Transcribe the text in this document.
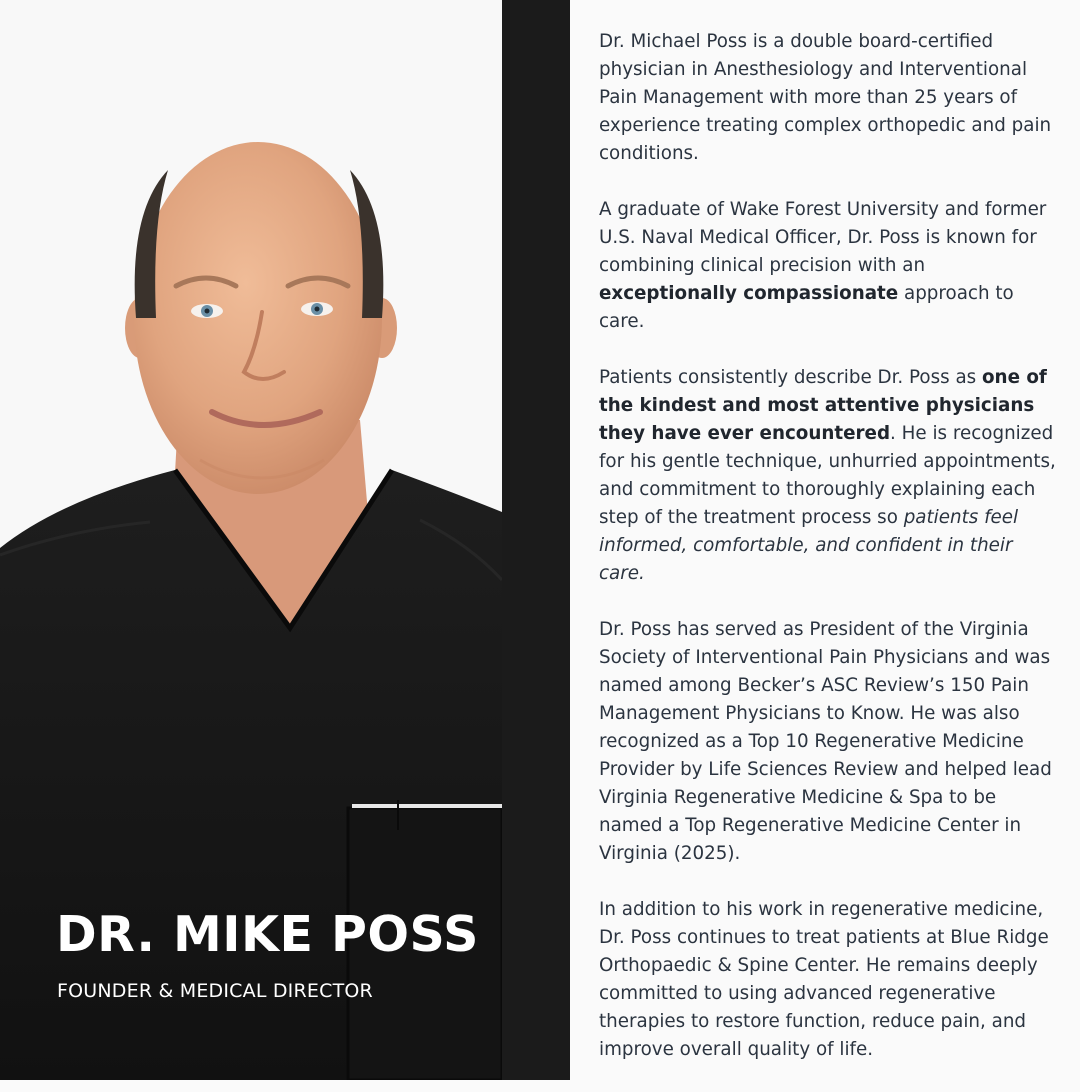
DR. MIKE POSS
FOUNDER & MEDICAL DIRECTOR

Dr. Michael Poss is a double board-certified physician in Anesthesiology and Interventional Pain Management with more than 25 years of experience treating complex orthopedic and pain conditions.

A graduate of Wake Forest University and former U.S. Naval Medical Officer, Dr. Poss is known for combining clinical precision with an exceptionally compassionate approach to care.

Patients consistently describe Dr. Poss as one of the kindest and most attentive physicians they have ever encountered. He is recognized for his gentle technique, unhurried appointments, and commitment to thoroughly explaining each step of the treatment process so patients feel informed, comfortable, and confident in their care.

Dr. Poss has served as President of the Virginia Society of Interventional Pain Physicians and was named among Becker’s ASC Review’s 150 Pain Management Physicians to Know. He was also recognized as a Top 10 Regenerative Medicine Provider by Life Sciences Review and helped lead Virginia Regenerative Medicine & Spa to be named a Top Regenerative Medicine Center in Virginia (2025).

In addition to his work in regenerative medicine, Dr. Poss continues to treat patients at Blue Ridge Orthopaedic & Spine Center. He remains deeply committed to using advanced regenerative therapies to restore function, reduce pain, and improve overall quality of life.
